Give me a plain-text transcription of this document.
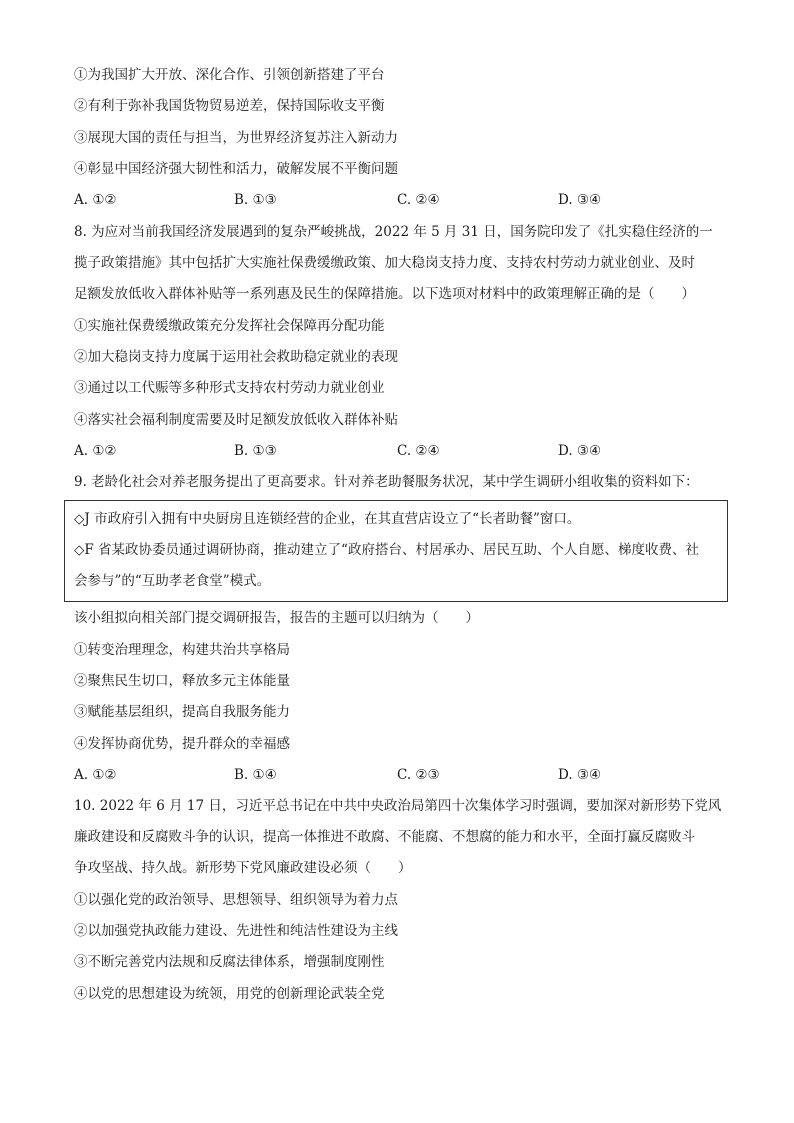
①为我国扩大开放、深化合作、引领创新搭建了平台
②有利于弥补我国货物贸易逆差，保持国际收支平衡
③展现大国的责任与担当，为世界经济复苏注入新动力
④彰显中国经济强大韧性和活力，破解发展不平衡问题
A. ①②	B. ①③	C. ②④	D. ③④
8. 为应对当前我国经济发展遇到的复杂严峻挑战，2022 年 5 月 31 日，国务院印发了《扎实稳住经济的一
揽子政策措施》其中包括扩大实施社保费缓缴政策、加大稳岗支持力度、支持农村劳动力就业创业、及时
足额发放低收入群体补贴等一系列惠及民生的保障措施。以下选项对材料中的政策理解正确的是（　　）
①实施社保费缓缴政策充分发挥社会保障再分配功能
②加大稳岗支持力度属于运用社会救助稳定就业的表现
③通过以工代赈等多种形式支持农村劳动力就业创业
④落实社会福利制度需要及时足额发放低收入群体补贴
A. ①②	B. ①③	C. ②④	D. ③④
9. 老龄化社会对养老服务提出了更高要求。针对养老助餐服务状况，某中学生调研小组收集的资料如下：
◇J 市政府引入拥有中央厨房且连锁经营的企业，在其直营店设立了“长者助餐”窗口。
◇F 省某政协委员通过调研协商，推动建立了“政府搭台、村居承办、居民互助、个人自愿、梯度收费、社
会参与”的“互助孝老食堂”模式。
该小组拟向相关部门提交调研报告，报告的主题可以归纳为（　　）
①转变治理理念，构建共治共享格局
②聚焦民生切口，释放多元主体能量
③赋能基层组织，提高自我服务能力
④发挥协商优势，提升群众的幸福感
A. ①②	B. ①④	C. ②③	D. ③④
10. 2022 年 6 月 17 日，习近平总书记在中共中央政治局第四十次集体学习时强调，要加深对新形势下党风
廉政建设和反腐败斗争的认识，提高一体推进不敢腐、不能腐、不想腐的能力和水平，全面打赢反腐败斗
争攻坚战、持久战。新形势下党风廉政建设必须（　　）
①以强化党的政治领导、思想领导、组织领导为着力点
②以加强党执政能力建设、先进性和纯洁性建设为主线
③不断完善党内法规和反腐法律体系，增强制度刚性
④以党的思想建设为统领，用党的创新理论武装全党
